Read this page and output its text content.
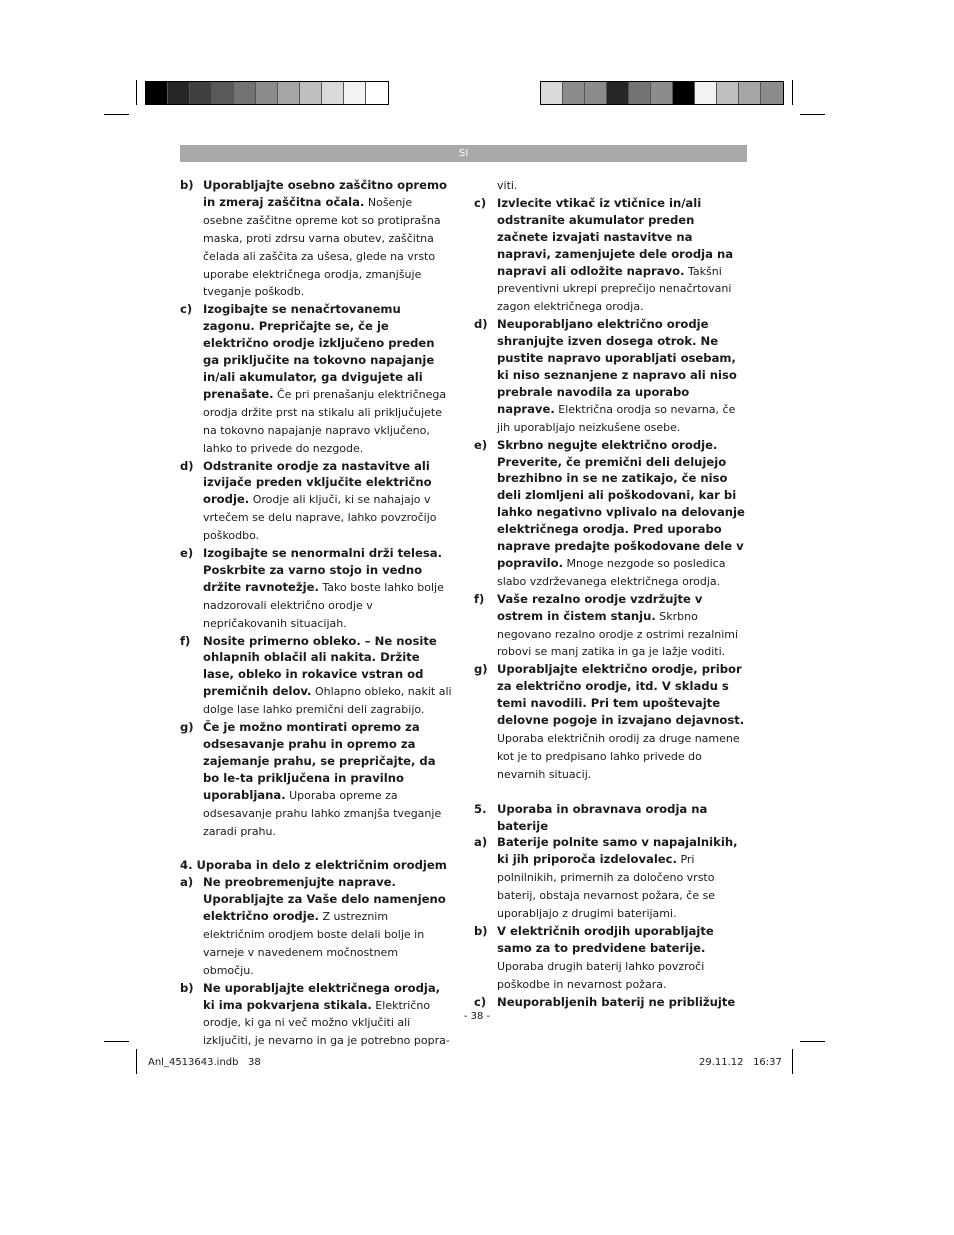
SI
b) Uporabljajte osebno zaščitno opremo in zmeraj zaščitna očala. Nošenje osebne zaščitne opreme kot so protiprašna maska, proti zdrsu varna obutev, zaščitna čelada ali zaščita za ušesa, glede na vrsto uporabe električnega orodja, zmanjšuje tveganje poškodb.
c) Izogibajte se nenačrtovanemu zagonu. Prepričajte se, če je električno orodje izključeno preden ga priključite na tokovno napajanje in/ali akumulator, ga dvigujete ali prenašate. Če pri prenašanju električnega orodja držite prst na stikalu ali priključujete na tokovno napajanje napravo vključeno, lahko to privede do nezgode.
d) Odstranite orodje za nastavitve ali izvijače preden vključite električno orodje. Orodje ali ključi, ki se nahajajo v vrtečem se delu naprave, lahko povzročijo poškodbo.
e) Izogibajte se nenormalni drži telesa. Poskrbite za varno stojo in vedno držite ravnotežje. Tako boste lahko bolje nadzorovali električno orodje v nepričakovanih situacijah.
f)	Nosite primerno obleko. – Ne nosite ohlapnih oblačil ali nakita. Držite lase, obleko in rokavice vstran od premičnih delov. Ohlapno obleko, nakit ali dolge lase lahko premični deli zagrabijo.
g) Če je možno montirati opremo za odsesavanje prahu in opremo za zajemanje prahu, se prepričajte, da bo le-ta priključena in pravilno uporabljana. Uporaba opreme za odsesavanje prahu lahko zmanjša tveganje zaradi prahu.
4. Uporaba in delo z električnim orodjem
a) Ne preobremenjujte naprave. Uporabljajte za Vaše delo namenjeno električno orodje. Z ustreznim električnim orodjem boste delali bolje in varneje v navedenem močnostnem območju.
b) Ne uporabljajte električnega orodja, ki ima pokvarjena stikala. Električno orodje, ki ga ni več možno vključiti ali izključiti, je nevarno in ga je potrebno popra-
viti.
c) Izvlecite vtikač iz vtičnice in/ali odstranite akumulator preden začnete izvajati nastavitve na napravi, zamenjujete dele orodja na napravi ali odložite napravo. Takšni preventivni ukrepi preprečijo nenačrtovani zagon električnega orodja.
d) Neuporabljano električno orodje shranjujte izven dosega otrok. Ne pustite napravo uporabljati osebam, ki niso seznanjene z napravo ali niso prebrale navodila za uporabo naprave. Električna orodja so nevarna, če jih uporabljajo neizkušene osebe.
e) Skrbno negujte električno orodje. Preverite, če premični deli delujejo brezhibno in se ne zatikajo, če niso deli zlomljeni ali poškodovani, kar bi lahko negativno vplivalo na delovanje električnega orodja. Pred uporabo naprave predajte poškodovane dele v popravilo. Mnoge nezgode so posledica slabo vzdrževanega električnega orodja.
f)	Vaše rezalno orodje vzdržujte v ostrem in čistem stanju. Skrbno negovano rezalno orodje z ostrimi rezalnimi robovi se manj zatika in ga je lažje voditi.
g) Uporabljajte električno orodje, pribor za električno orodje, itd. V skladu s temi navodili. Pri tem upoštevajte delovne pogoje in izvajano dejavnost. Uporaba električnih orodij za druge namene kot je to predpisano lahko privede do nevarnih situacij.
5. Uporaba in obravnava orodja na baterije
a) Baterije polnite samo v napajalnikih, ki jih priporoča izdelovalec. Pri polnilnikih, primernih za določeno vrsto baterij, obstaja nevarnost požara, če se uporabljajo z drugimi baterijami.
b) V električnih orodjih uporabljajte samo za to predvidene baterije. Uporaba drugih baterij lahko povzroči poškodbe in nevarnost požara.
c) Neuporabljenih baterij ne približujte
- 38 -
Anl_4513643.indb   38	29.11.12   16:37
